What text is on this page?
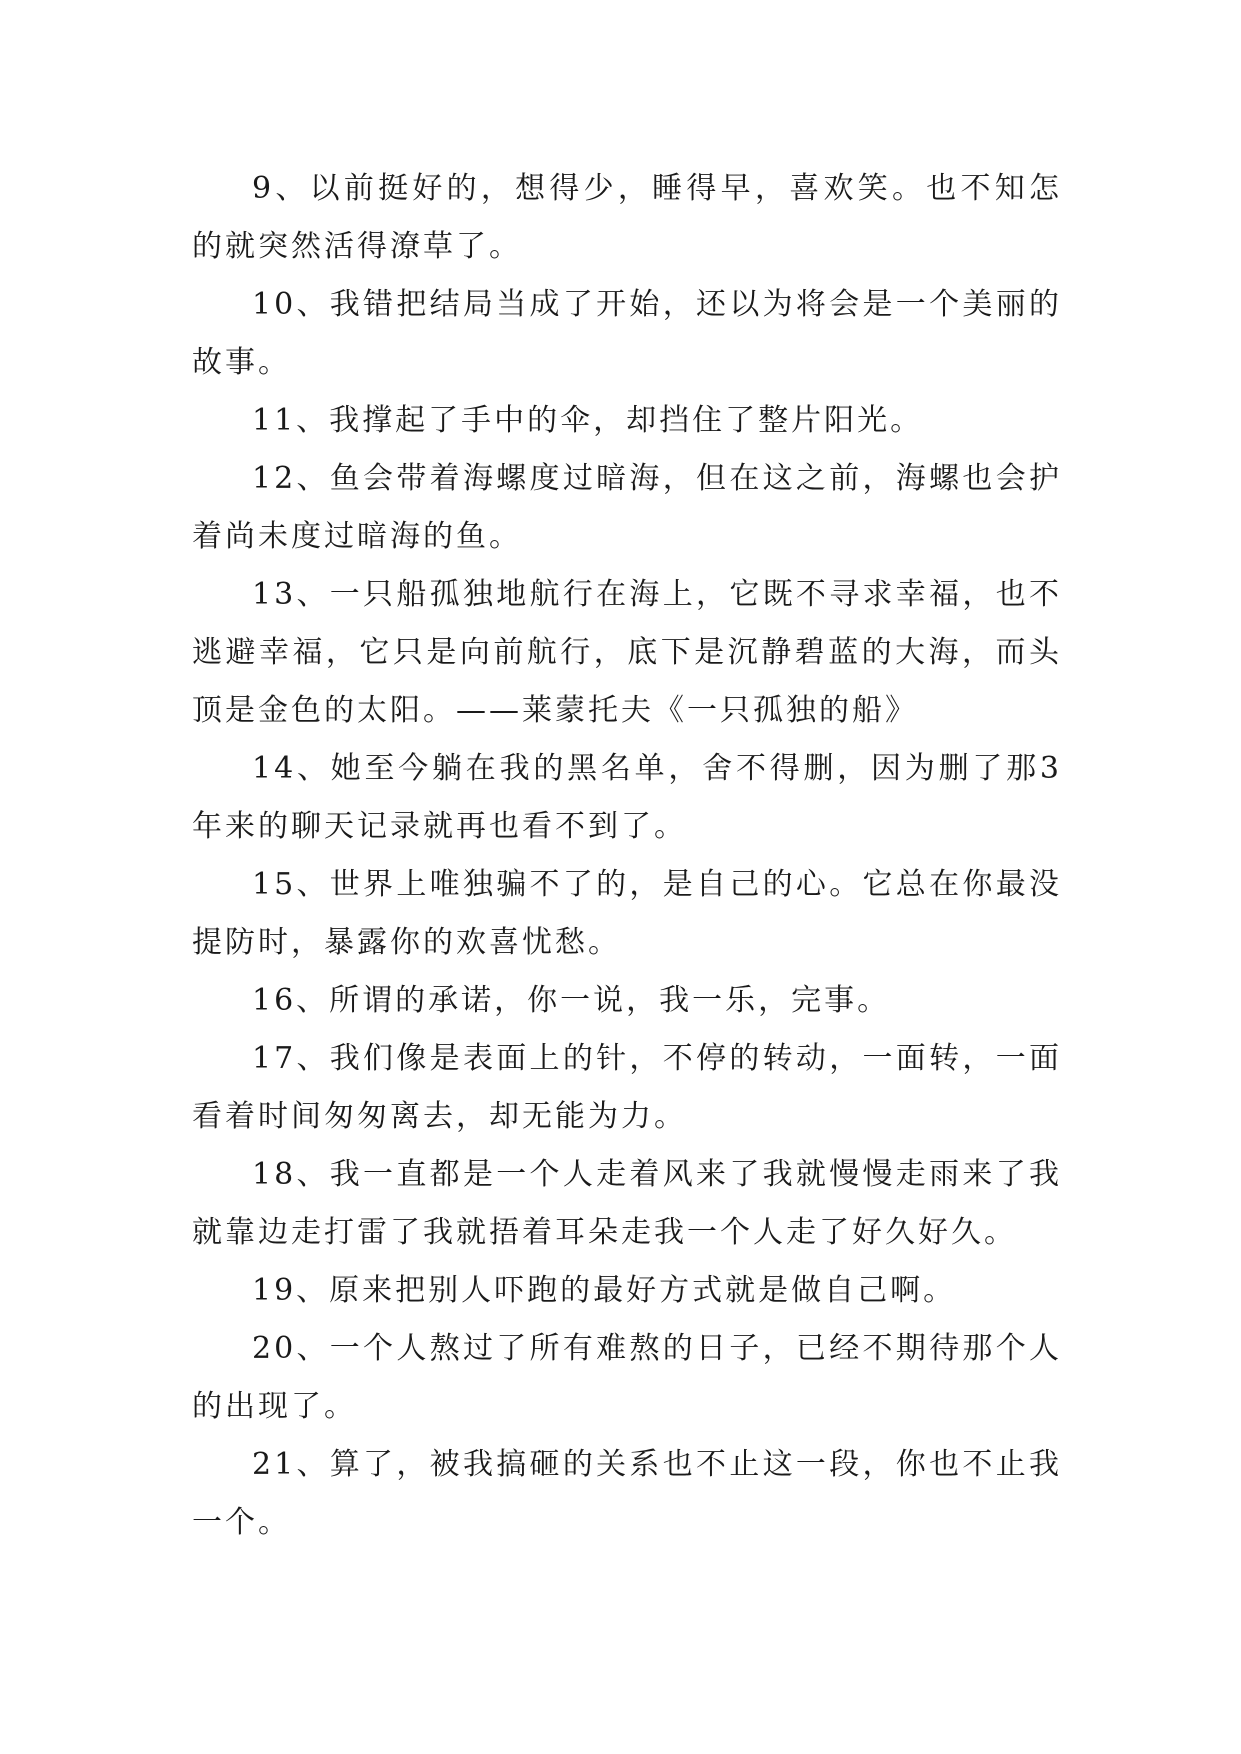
9、以前挺好的，想得少，睡得早，喜欢笑。也不知怎的就突然活得潦草了。

10、我错把结局当成了开始，还以为将会是一个美丽的故事。

11、我撑起了手中的伞，却挡住了整片阳光。

12、鱼会带着海螺度过暗海，但在这之前，海螺也会护着尚未度过暗海的鱼。

13、一只船孤独地航行在海上，它既不寻求幸福，也不逃避幸福，它只是向前航行，底下是沉静碧蓝的大海，而头顶是金色的太阳。——莱蒙托夫《一只孤独的船》

14、她至今躺在我的黑名单，舍不得删，因为删了那3年来的聊天记录就再也看不到了。

15、世界上唯独骗不了的，是自己的心。它总在你最没提防时，暴露你的欢喜忧愁。

16、所谓的承诺，你一说，我一乐，完事。

17、我们像是表面上的针，不停的转动，一面转，一面看着时间匆匆离去，却无能为力。

18、我一直都是一个人走着风来了我就慢慢走雨来了我就靠边走打雷了我就捂着耳朵走我一个人走了好久好久。

19、原来把别人吓跑的最好方式就是做自己啊。

20、一个人熬过了所有难熬的日子，已经不期待那个人的出现了。

21、算了，被我搞砸的关系也不止这一段，你也不止我一个。
